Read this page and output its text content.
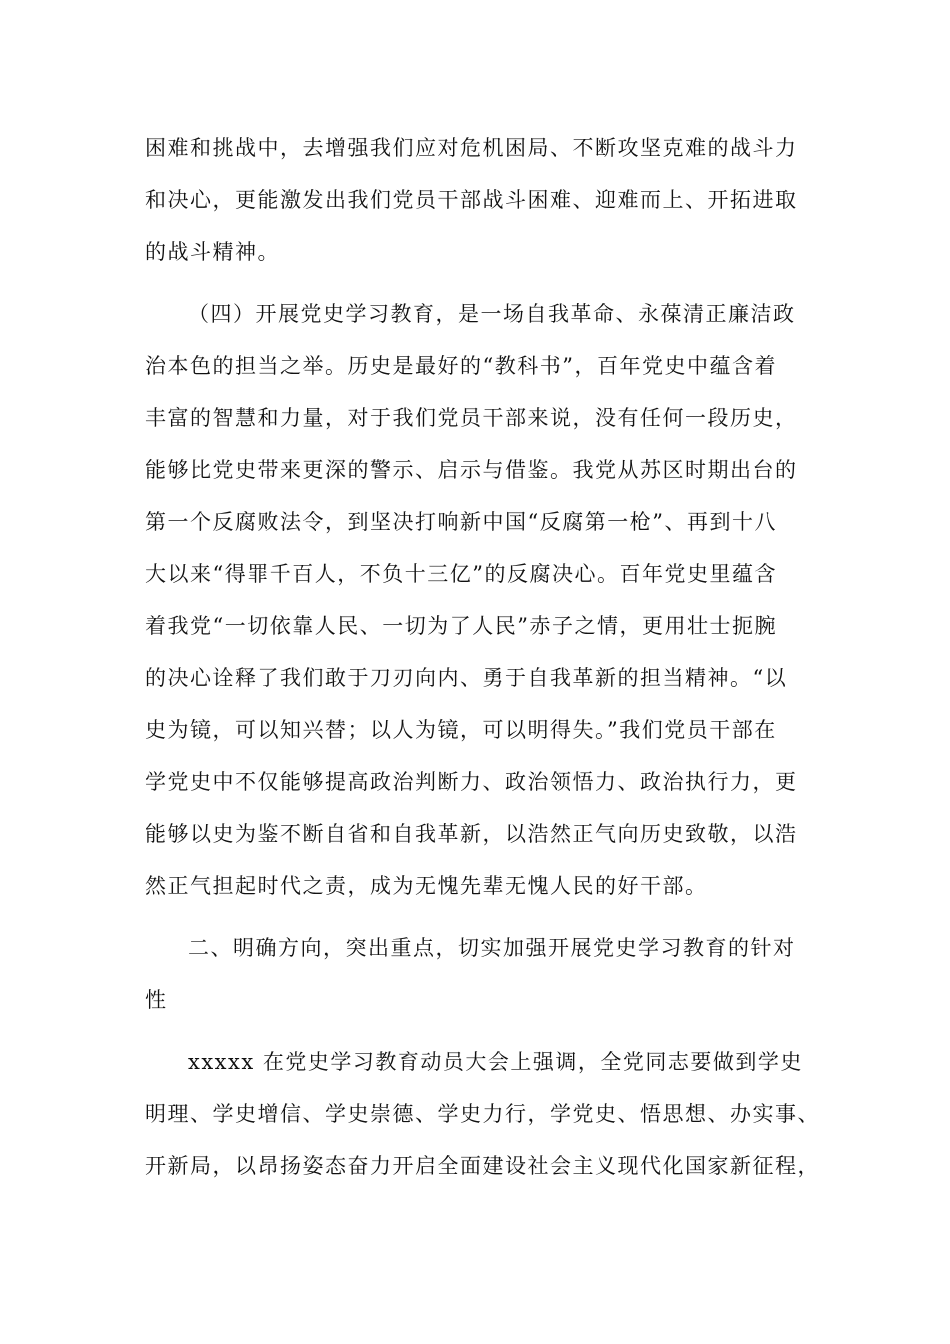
困难和挑战中，去增强我们应对危机困局、不断攻坚克难的战斗力
和决心，更能激发出我们党员干部战斗困难、迎难而上、开拓进取
的战斗精神。
（四）开展党史学习教育，是一场自我革命、永葆清正廉洁政
治本色的担当之举。历史是最好的“教科书”，百年党史中蕴含着
丰富的智慧和力量，对于我们党员干部来说，没有任何一段历史，
能够比党史带来更深的警示、启示与借鉴。我党从苏区时期出台的
第一个反腐败法令，到坚决打响新中国“反腐第一枪”、再到十八
大以来“得罪千百人，不负十三亿”的反腐决心。百年党史里蕴含
着我党“一切依靠人民、一切为了人民”赤子之情，更用壮士扼腕
的决心诠释了我们敢于刀刃向内、勇于自我革新的担当精神。“以
史为镜，可以知兴替；以人为镜，可以明得失。”我们党员干部在
学党史中不仅能够提高政治判断力、政治领悟力、政治执行力，更
能够以史为鉴不断自省和自我革新，以浩然正气向历史致敬，以浩
然正气担起时代之责，成为无愧先辈无愧人民的好干部。
二、明确方向，突出重点，切实加强开展党史学习教育的针对
性
xxxxx 在党史学习教育动员大会上强调，全党同志要做到学史
明理、学史增信、学史崇德、学史力行，学党史、悟思想、办实事、
开新局，以昂扬姿态奋力开启全面建设社会主义现代化国家新征程，
